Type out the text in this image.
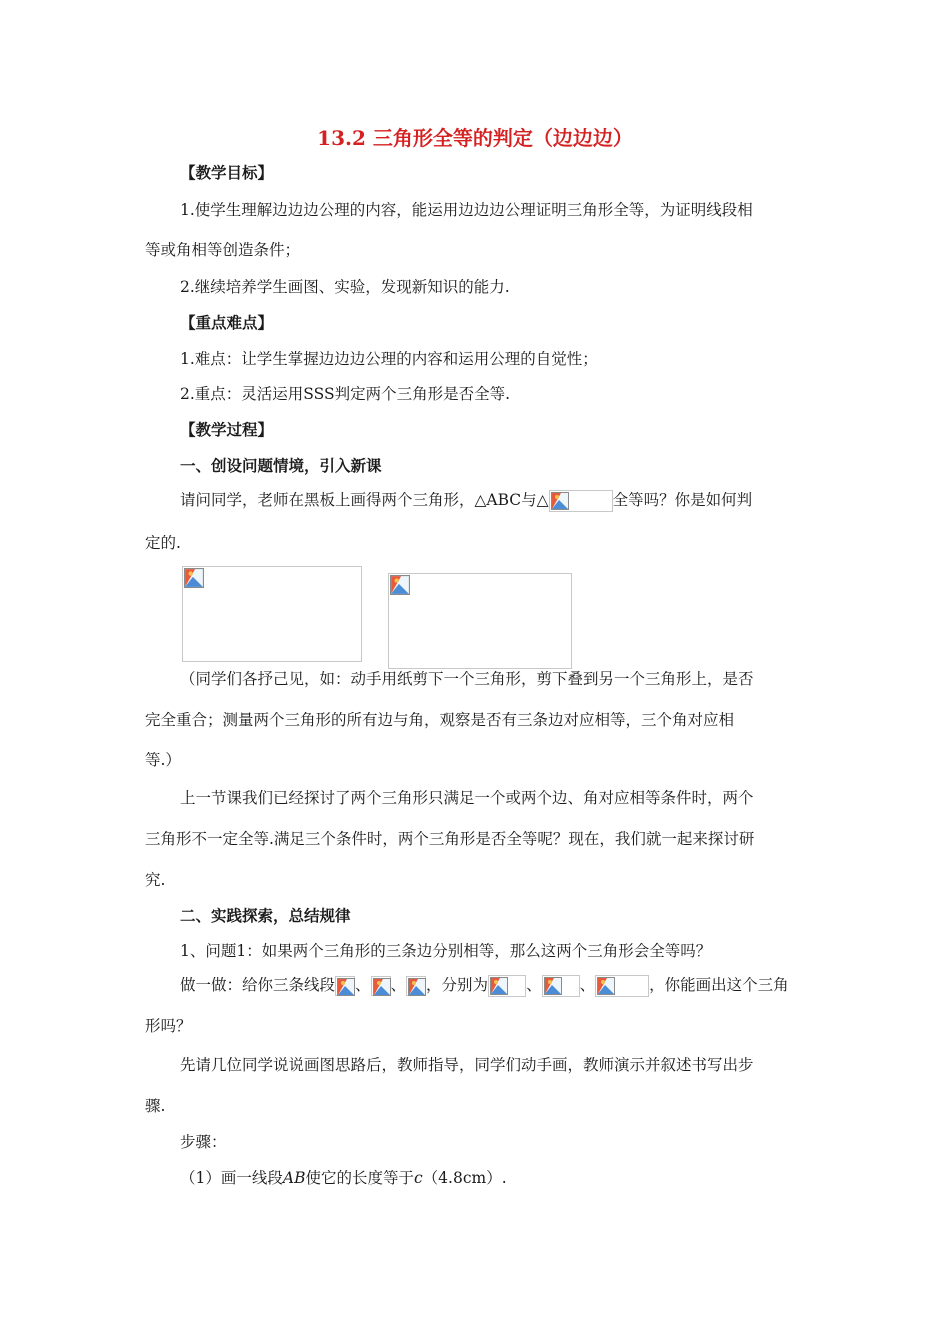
13.2 三角形全等的判定（边边边）
【教学目标】
1.使学生理解边边边公理的内容，能运用边边边公理证明三角形全等，为证明线段相
等或角相等创造条件；
2.继续培养学生画图、实验，发现新知识的能力.
【重点难点】
1.难点：让学生掌握边边边公理的内容和运用公理的自觉性；
2.重点：灵活运用SSS判定两个三角形是否全等.
【教学过程】
一、创设问题情境，引入新课
请问同学，老师在黑板上画得两个三角形，△ABC与△	全等吗？你是如何判
定的.
（同学们各抒己见，如：动手用纸剪下一个三角形，剪下叠到另一个三角形上，是否
完全重合；测量两个三角形的所有边与角，观察是否有三条边对应相等，三个角对应相
等.）
上一节课我们已经探讨了两个三角形只满足一个或两个边、角对应相等条件时，两个
三角形不一定全等.满足三个条件时，两个三角形是否全等呢？现在，我们就一起来探讨研
究.
二、实践探索，总结规律
1、问题1：如果两个三角形的三条边分别相等，那么这两个三角形会全等吗？
做一做：给你三条线段 、 、 ，分别为 、 、	，你能画出这个三角
形吗？
先请几位同学说说画图思路后，教师指导，同学们动手画，教师演示并叙述书写出步
骤.
步骤：
（1）画一线段AB使它的长度等于c（4.8cm）.
